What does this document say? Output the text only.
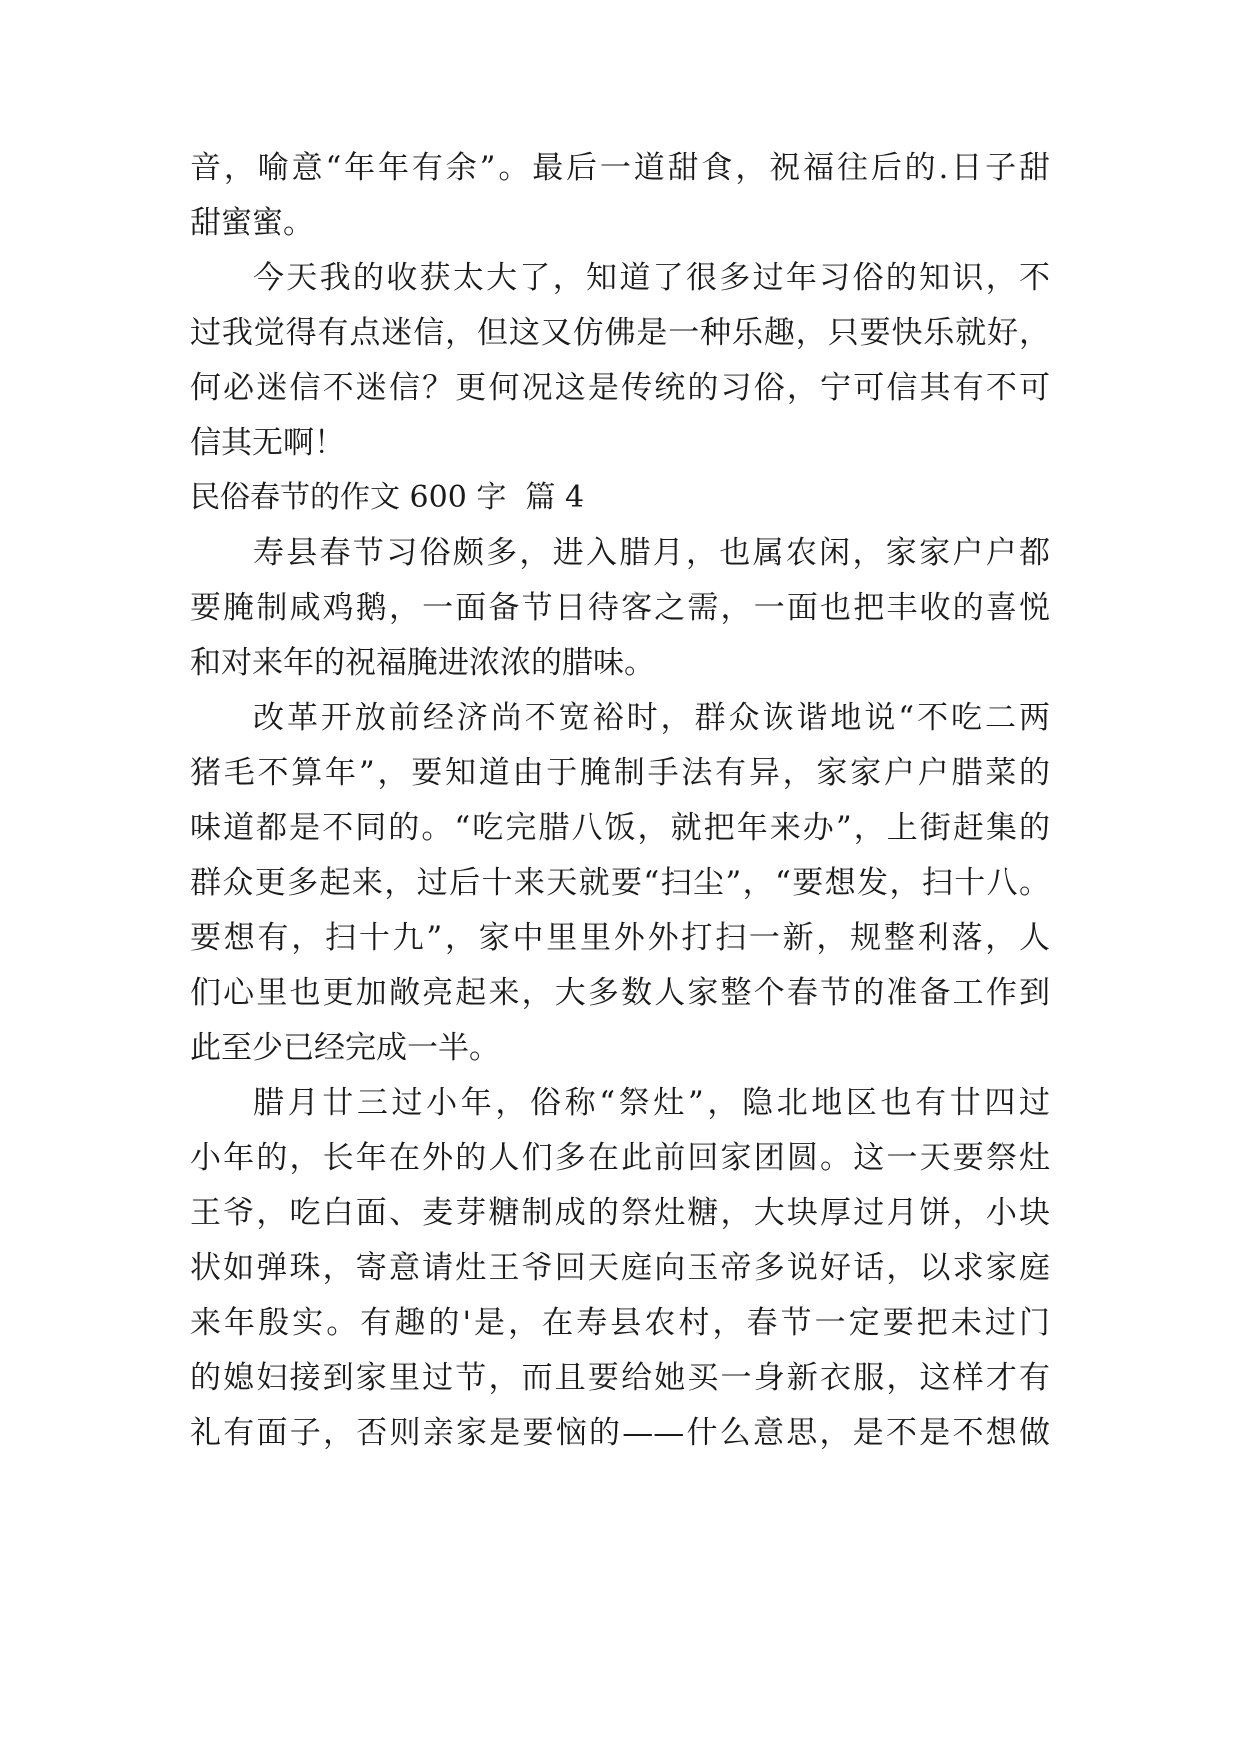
音，喻意“年年有余”。最后一道甜食，祝福往后的.日子甜
甜蜜蜜。
今天我的收获太大了，知道了很多过年习俗的知识，不
过我觉得有点迷信，但这又仿佛是一种乐趣，只要快乐就好，
何必迷信不迷信？更何况这是传统的习俗，宁可信其有不可
信其无啊！
民俗春节的作文 600 字  篇 4
寿县春节习俗颇多，进入腊月，也属农闲，家家户户都
要腌制咸鸡鹅，一面备节日待客之需，一面也把丰收的喜悦
和对来年的祝福腌进浓浓的腊味。
改革开放前经济尚不宽裕时，群众诙谐地说“不吃二两
猪毛不算年”，要知道由于腌制手法有异，家家户户腊菜的
味道都是不同的。“吃完腊八饭，就把年来办”，上街赶集的
群众更多起来，过后十来天就要“扫尘”，“要想发，扫十八。
要想有，扫十九”，家中里里外外打扫一新，规整利落，人
们心里也更加敞亮起来，大多数人家整个春节的准备工作到
此至少已经完成一半。
腊月廿三过小年，俗称“祭灶”，隐北地区也有廿四过
小年的，长年在外的人们多在此前回家团圆。这一天要祭灶
王爷，吃白面、麦芽糖制成的祭灶糖，大块厚过月饼，小块
状如弹珠，寄意请灶王爷回天庭向玉帝多说好话，以求家庭
来年殷实。有趣的'是，在寿县农村，春节一定要把未过门
的媳妇接到家里过节，而且要给她买一身新衣服，这样才有
礼有面子，否则亲家是要恼的——什么意思，是不是不想做
